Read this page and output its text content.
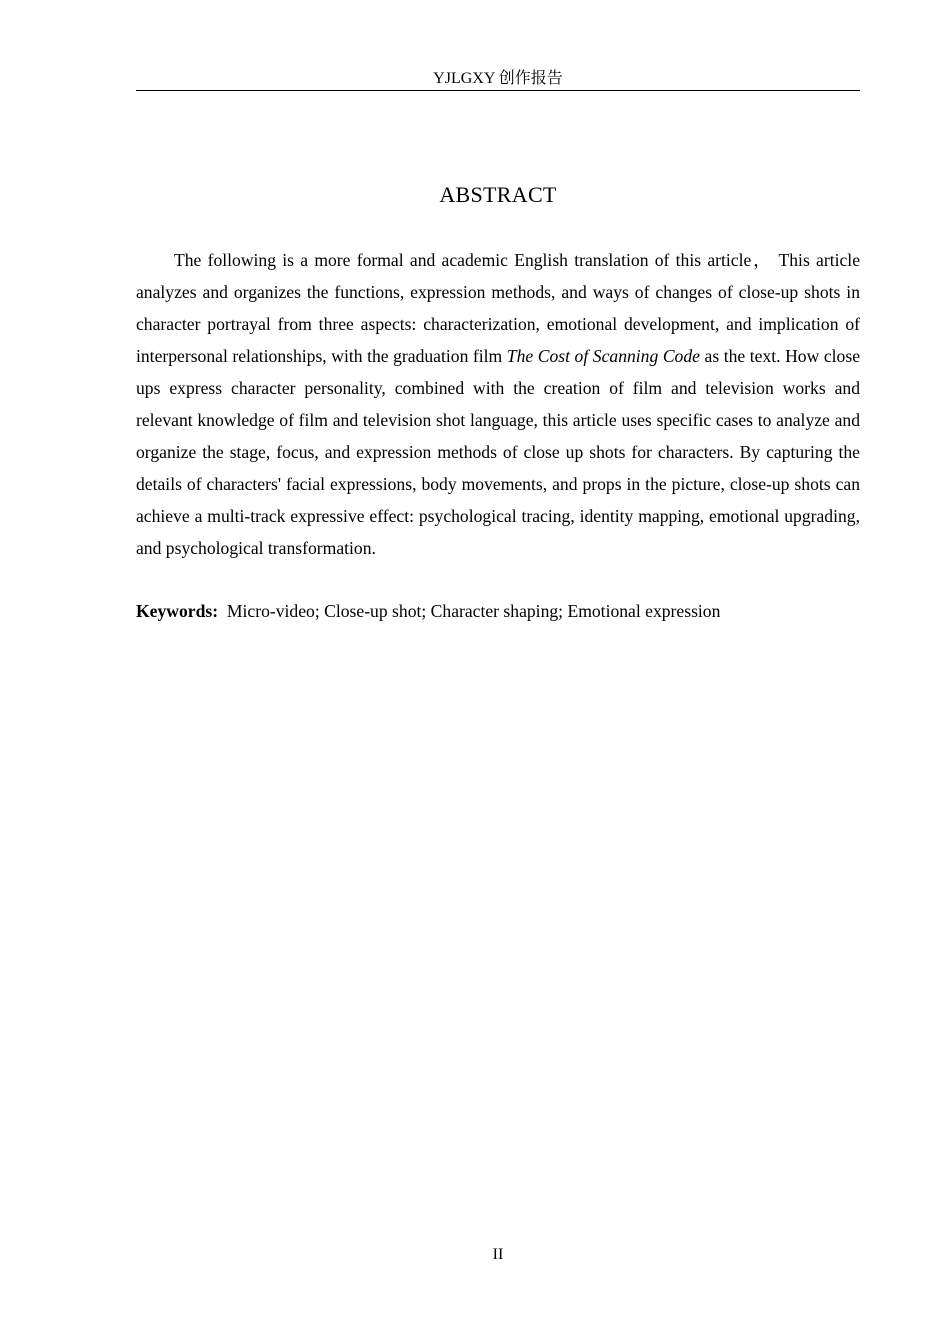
YJLGXY 创作报告
ABSTRACT

The following is a more formal and academic English translation of this article， This article analyzes and organizes the functions, expression methods, and ways of changes of close-up shots in character portrayal from three aspects: characterization, emotional development, and implication of interpersonal relationships, with the graduation film The Cost of Scanning Code as the text. How close ups express character personality, combined with the creation of film and television works and relevant knowledge of film and television shot language, this article uses specific cases to analyze and organize the stage, focus, and expression methods of close up shots for characters. By capturing the details of characters' facial expressions, body movements, and props in the picture, close-up shots can achieve a multi-track expressive effect: psychological tracing, identity mapping, emotional upgrading, and psychological transformation.

Keywords: Micro-video; Close-up shot; Character shaping; Emotional expression
II
